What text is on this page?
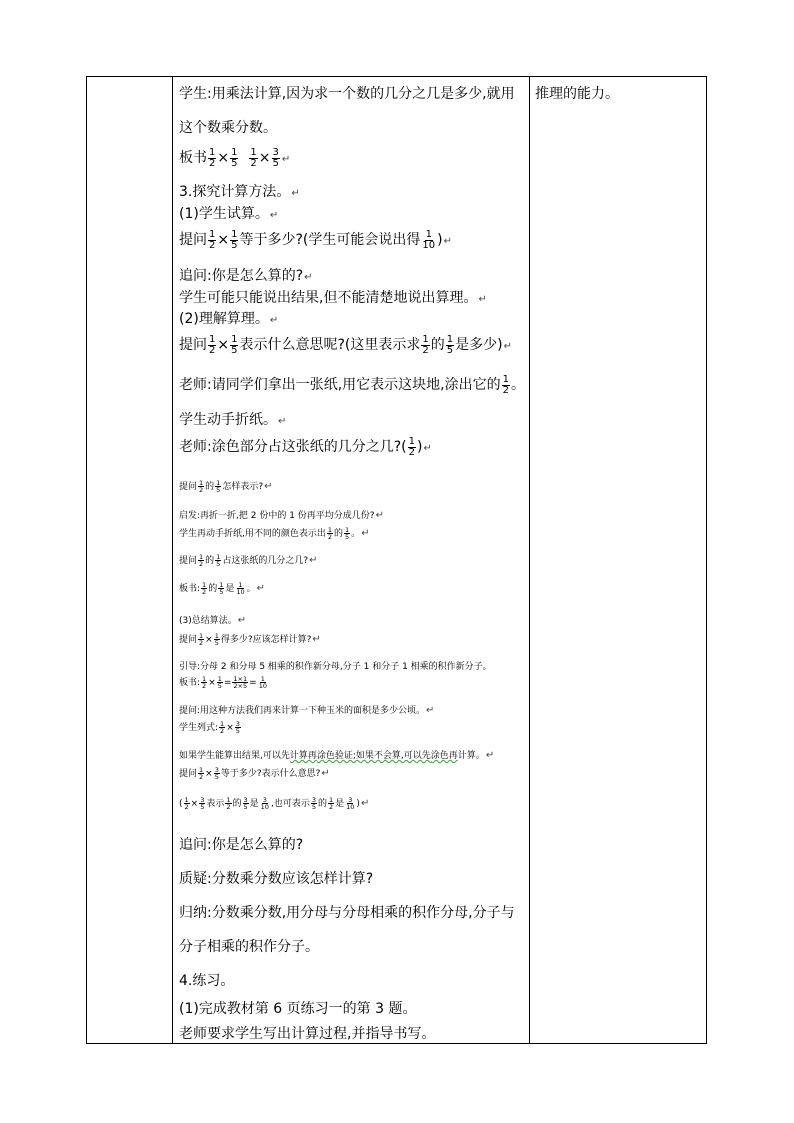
推理的能力。
学生:用乘法计算,因为求一个数的几分之几是多少,就用
这个数乘分数。
板书 $\frac{1}{2} \times \frac{1}{5}$
$\frac{1}{2} \times \frac{3}{5}$ ↵
3.探究计算方法。↵
(1)学生试算。↵
提问 $\frac{1}{2} \times \frac{1}{5}$ 等于多少?(学生可能会说出得 $\frac{1}{10}$ )↵
追问:你是怎么算的?↵
学生可能只能说出结果,但不能清楚地说出算理。↵
(2)理解算理。↵
提问 $\frac{1}{2} \times \frac{1}{5}$ 表示什么意思呢?(这里表示求 $\frac{1}{2}$ 的 $\frac{1}{5}$ 是多少)↵
老师:请同学们拿出一张纸,用它表示这块地,涂出它的 $\frac{1}{2}$ 。
学生动手折纸。↵
老师:涂色部分占这张纸的几分之几?( $\frac{1}{2}$ )↵
提问 $\frac{1}{2}$ 的 $\frac{1}{5}$ 怎样表示?↵
启发:再折一折,把 2 份中的 1 份再平均分成几份?↵
学生再动手折纸,用不同的颜色表示出 $\frac{1}{2}$ 的 $\frac{1}{5}$ 。↵
提问 $\frac{1}{2}$ 的 $\frac{1}{5}$ 占这张纸的几分之几?↵
板书: $\frac{1}{2}$ 的 $\frac{1}{5}$ 是 $\frac{1}{10}$ 。↵
(3)总结算法。↵
提问 $\frac{1}{2} \times \frac{1}{5}$ 得多少?应该怎样计算?↵
引导:分母 2 和分母 5 相乘的积作新分母,分子 1 和分子 1 相乘的积作新分子。
板书: $\frac{1}{2} \times \frac{1}{5} = \frac{1\times 1}{2\times 5} = \frac{1}{10}$
提问:用这种方法我们再来计算一下种玉米的面积是多少公顷。↵
学生列式: $\frac{1}{2} \times \frac{3}{5}$
如果学生能算出结果,可以先计算再涂色验证;如果不会算,可以先涂色再计算。↵
提问 $\frac{1}{2} \times \frac{3}{5}$ 等于多少?表示什么意思?↵
( $\frac{1}{2} \times \frac{3}{5}$ 表示 $\frac{1}{2}$ 的 $\frac{3}{5}$ 是 $\frac{3}{10}$ ,也可表示 $\frac{3}{5}$ 的 $\frac{1}{2}$ 是 $\frac{3}{10}$ )↵
追问:你是怎么算的?
质疑:分数乘分数应该怎样计算?
归纳:分数乘分数,用分母与分母相乘的积作分母,分子与
分子相乘的积作分子。
4.练习。
(1)完成教材第 6 页练习一的第 3 题。
老师要求学生写出计算过程,并指导书写。
